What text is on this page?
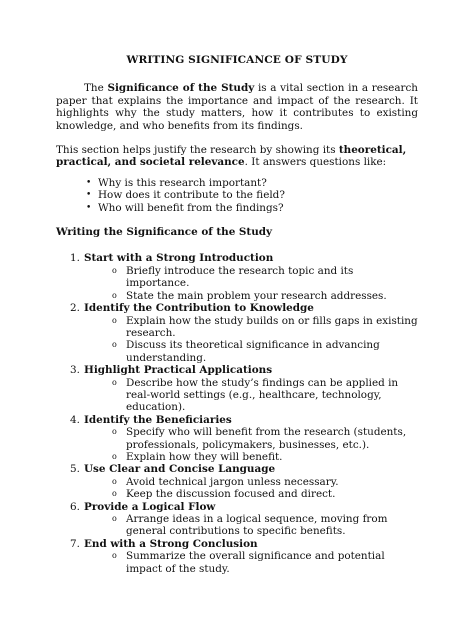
WRITING SIGNIFICANCE OF STUDY

The Significance of the Study is a vital section in a research paper that explains the importance and impact of the research. It highlights why the study matters, how it contributes to existing knowledge, and who benefits from its findings.

This section helps justify the research by showing its theoretical, practical, and societal relevance. It answers questions like:

• Why is this research important?
• How does it contribute to the field?
• Who will benefit from the findings?
Writing the Significance of the Study
1. Start with a Strong Introduction
o Briefly introduce the research topic and its importance.
o State the main problem your research addresses.
2. Identify the Contribution to Knowledge
o Explain how the study builds on or fills gaps in existing research.
o Discuss its theoretical significance in advancing understanding.
3. Highlight Practical Applications
o Describe how the study’s findings can be applied in real-world settings (e.g., healthcare, technology, education).
4. Identify the Beneficiaries
o Specify who will benefit from the research (students, professionals, policymakers, businesses, etc.).
o Explain how they will benefit.
5. Use Clear and Concise Language
o Avoid technical jargon unless necessary.
o Keep the discussion focused and direct.
6. Provide a Logical Flow
o Arrange ideas in a logical sequence, moving from general contributions to specific benefits.
7. End with a Strong Conclusion
o Summarize the overall significance and potential impact of the study.
